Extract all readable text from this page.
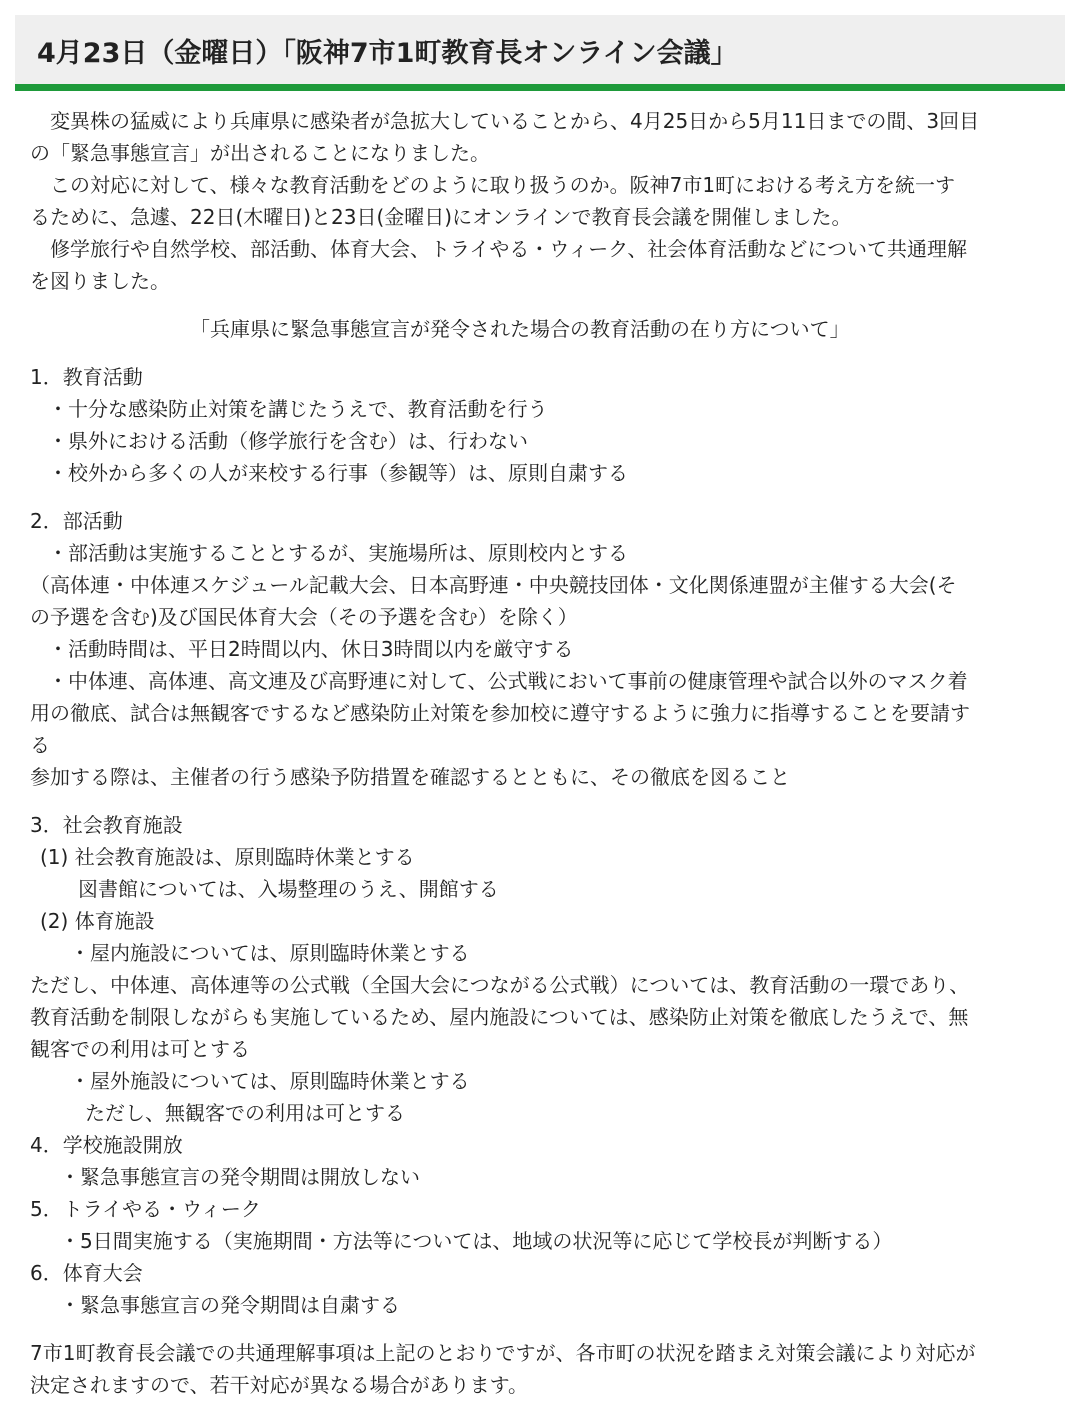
4月23日（金曜日）「阪神7市1町教育長オンライン会議」
　変異株の猛威により兵庫県に感染者が急拡大していることから、4月25日から5月11日までの間、3回目
の「緊急事態宣言」が出されることになりました。
　この対応に対して、様々な教育活動をどのように取り扱うのか。阪神7市1町における考え方を統一す
るために、急遽、22日(木曜日)と23日(金曜日)にオンラインで教育長会議を開催しました。
　修学旅行や自然学校、部活動、体育大会、トライやる・ウィーク、社会体育活動などについて共通理解
を図りました。
「兵庫県に緊急事態宣言が発令された場合の教育活動の在り方について」
1．教育活動
・十分な感染防止対策を講じたうえで、教育活動を行う
・県外における活動（修学旅行を含む）は、行わない
・校外から多くの人が来校する行事（参観等）は、原則自粛する
2．部活動
・部活動は実施することとするが、実施場所は、原則校内とする
（高体連・中体連スケジュール記載大会、日本高野連・中央競技団体・文化関係連盟が主催する大会(そ
の予選を含む)及び国民体育大会（その予選を含む）を除く）
・活動時間は、平日2時間以内、休日3時間以内を厳守する
・中体連、高体連、高文連及び高野連に対して、公式戦において事前の健康管理や試合以外のマスク着
用の徹底、試合は無観客でするなど感染防止対策を参加校に遵守するように強力に指導することを要請す
る
参加する際は、主催者の行う感染予防措置を確認するとともに、その徹底を図ること
3．社会教育施設
(1) 社会教育施設は、原則臨時休業とする
図書館については、入場整理のうえ、開館する
(2) 体育施設
・屋内施設については、原則臨時休業とする
ただし、中体連、高体連等の公式戦（全国大会につながる公式戦）については、教育活動の一環であり、
教育活動を制限しながらも実施しているため、屋内施設については、感染防止対策を徹底したうえで、無
観客での利用は可とする
・屋外施設については、原則臨時休業とする
ただし、無観客での利用は可とする
4．学校施設開放
・緊急事態宣言の発令期間は開放しない
5．トライやる・ウィーク
・5日間実施する（実施期間・方法等については、地域の状況等に応じて学校長が判断する）
6．体育大会
・緊急事態宣言の発令期間は自粛する
7市1町教育長会議での共通理解事項は上記のとおりですが、各市町の状況を踏まえ対策会議により対応が
決定されますので、若干対応が異なる場合があります。
